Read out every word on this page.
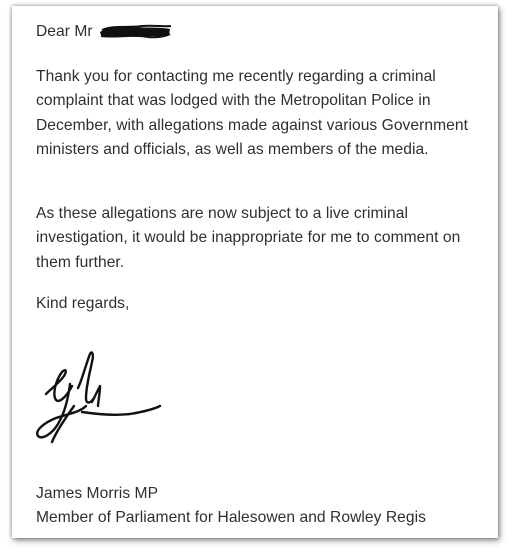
Dear Mr
Thank you for contacting me recently regarding a criminal complaint that was lodged with the Metropolitan Police in December, with allegations made against various Government ministers and officials, as well as members of the media.
As these allegations are now subject to a live criminal investigation, it would be inappropriate for me to comment on them further.
Kind regards,
James Morris MP
Member of Parliament for Halesowen and Rowley Regis
